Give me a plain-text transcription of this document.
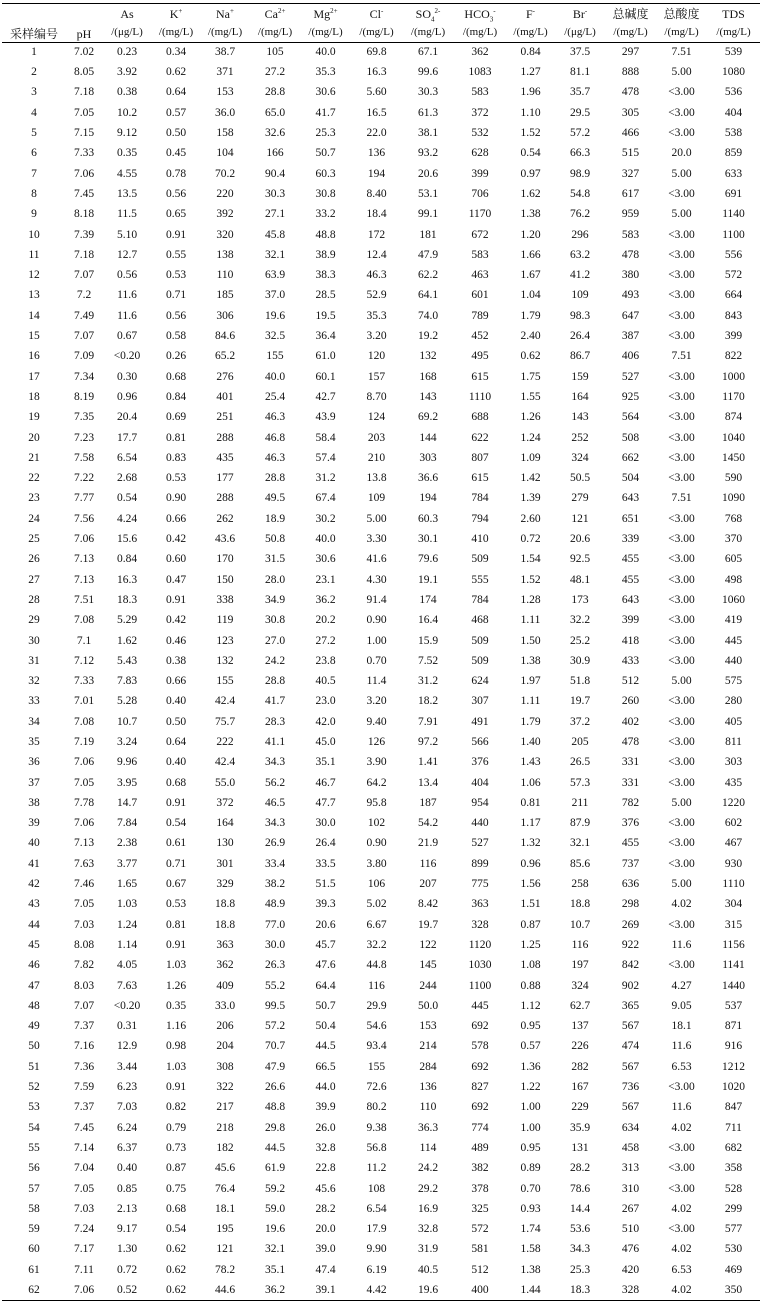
采样编号	pH	As	K+	Na+	$Ca^{2+}$	$Mg^{2+}$	Cl-	$SO_4^{2-}$	$HCO_3^-$	F-	Br-	总碱度	总酸度	TDS
		/(μg/L)	/(mg/L)	/(mg/L)	/(mg/L)	/(mg/L)	/(mg/L)	/(mg/L)	/(mg/L)	/(mg/L)	/(μg/L)	/(mg/L)	/(mg/L)	/(mg/L)
1	7.02	0.23	0.34	38.7	105	40.0	69.8	67.1	362	0.84	37.5	297	7.51	539
2	8.05	3.92	0.62	371	27.2	35.3	16.3	99.6	1083	1.27	81.1	888	5.00	1080
3	7.18	0.38	0.64	153	28.8	30.6	5.60	30.3	583	1.96	35.7	478	<3.00	536
4	7.05	10.2	0.57	36.0	65.0	41.7	16.5	61.3	372	1.10	29.5	305	<3.00	404
5	7.15	9.12	0.50	158	32.6	25.3	22.0	38.1	532	1.52	57.2	466	<3.00	538
6	7.33	0.35	0.45	104	166	50.7	136	93.2	628	0.54	66.3	515	20.0	859
7	7.06	4.55	0.78	70.2	90.4	60.3	194	20.6	399	0.97	98.9	327	5.00	633
8	7.45	13.5	0.56	220	30.3	30.8	8.40	53.1	706	1.62	54.8	617	<3.00	691
9	8.18	11.5	0.65	392	27.1	33.2	18.4	99.1	1170	1.38	76.2	959	5.00	1140
10	7.39	5.10	0.91	320	45.8	48.8	172	181	672	1.20	296	583	<3.00	1100
11	7.18	12.7	0.55	138	32.1	38.9	12.4	47.9	583	1.66	63.2	478	<3.00	556
12	7.07	0.56	0.53	110	63.9	38.3	46.3	62.2	463	1.67	41.2	380	<3.00	572
13	7.2	11.6	0.71	185	37.0	28.5	52.9	64.1	601	1.04	109	493	<3.00	664
14	7.49	11.6	0.56	306	19.6	19.5	35.3	74.0	789	1.79	98.3	647	<3.00	843
15	7.07	0.67	0.58	84.6	32.5	36.4	3.20	19.2	452	2.40	26.4	387	<3.00	399
16	7.09	<0.20	0.26	65.2	155	61.0	120	132	495	0.62	86.7	406	7.51	822
17	7.34	0.30	0.68	276	40.0	60.1	157	168	615	1.75	159	527	<3.00	1000
18	8.19	0.96	0.84	401	25.4	42.7	8.70	143	1110	1.55	164	925	<3.00	1170
19	7.35	20.4	0.69	251	46.3	43.9	124	69.2	688	1.26	143	564	<3.00	874
20	7.23	17.7	0.81	288	46.8	58.4	203	144	622	1.24	252	508	<3.00	1040
21	7.58	6.54	0.83	435	46.3	57.4	210	303	807	1.09	324	662	<3.00	1450
22	7.22	2.68	0.53	177	28.8	31.2	13.8	36.6	615	1.42	50.5	504	<3.00	590
23	7.77	0.54	0.90	288	49.5	67.4	109	194	784	1.39	279	643	7.51	1090
24	7.56	4.24	0.66	262	18.9	30.2	5.00	60.3	794	2.60	121	651	<3.00	768
25	7.06	15.6	0.42	43.6	50.8	40.0	3.30	30.1	410	0.72	20.6	339	<3.00	370
26	7.13	0.84	0.60	170	31.5	30.6	41.6	79.6	509	1.54	92.5	455	<3.00	605
27	7.13	16.3	0.47	150	28.0	23.1	4.30	19.1	555	1.52	48.1	455	<3.00	498
28	7.51	18.3	0.91	338	34.9	36.2	91.4	174	784	1.28	173	643	<3.00	1060
29	7.08	5.29	0.42	119	30.8	20.2	0.90	16.4	468	1.11	32.2	399	<3.00	419
30	7.1	1.62	0.46	123	27.0	27.2	1.00	15.9	509	1.50	25.2	418	<3.00	445
31	7.12	5.43	0.38	132	24.2	23.8	0.70	7.52	509	1.38	30.9	433	<3.00	440
32	7.33	7.83	0.66	155	28.8	40.5	11.4	31.2	624	1.97	51.8	512	5.00	575
33	7.01	5.28	0.40	42.4	41.7	23.0	3.20	18.2	307	1.11	19.7	260	<3.00	280
34	7.08	10.7	0.50	75.7	28.3	42.0	9.40	7.91	491	1.79	37.2	402	<3.00	405
35	7.19	3.24	0.64	222	41.1	45.0	126	97.2	566	1.40	205	478	<3.00	811
36	7.06	9.96	0.40	42.4	34.3	35.1	3.90	1.41	376	1.43	26.5	331	<3.00	303
37	7.05	3.95	0.68	55.0	56.2	46.7	64.2	13.4	404	1.06	57.3	331	<3.00	435
38	7.78	14.7	0.91	372	46.5	47.7	95.8	187	954	0.81	211	782	5.00	1220
39	7.06	7.84	0.54	164	34.3	30.0	102	54.2	440	1.17	87.9	376	<3.00	602
40	7.13	2.38	0.61	130	26.9	26.4	0.90	21.9	527	1.32	32.1	455	<3.00	467
41	7.63	3.77	0.71	301	33.4	33.5	3.80	116	899	0.96	85.6	737	<3.00	930
42	7.46	1.65	0.67	329	38.2	51.5	106	207	775	1.56	258	636	5.00	1110
43	7.05	1.03	0.53	18.8	48.9	39.3	5.02	8.42	363	1.51	18.8	298	4.02	304
44	7.03	1.24	0.81	18.8	77.0	20.6	6.67	19.7	328	0.87	10.7	269	<3.00	315
45	8.08	1.14	0.91	363	30.0	45.7	32.2	122	1120	1.25	116	922	11.6	1156
46	7.82	4.05	1.03	362	26.3	47.6	44.8	145	1030	1.08	197	842	<3.00	1141
47	8.03	7.63	1.26	409	55.2	64.4	116	244	1100	0.88	324	902	4.27	1440
48	7.07	<0.20	0.35	33.0	99.5	50.7	29.9	50.0	445	1.12	62.7	365	9.05	537
49	7.37	0.31	1.16	206	57.2	50.4	54.6	153	692	0.95	137	567	18.1	871
50	7.16	12.9	0.98	204	70.7	44.5	93.4	214	578	0.57	226	474	11.6	916
51	7.36	3.44	1.03	308	47.9	66.5	155	284	692	1.36	282	567	6.53	1212
52	7.59	6.23	0.91	322	26.6	44.0	72.6	136	827	1.22	167	736	<3.00	1020
53	7.37	7.03	0.82	217	48.8	39.9	80.2	110	692	1.00	229	567	11.6	847
54	7.45	6.24	0.79	218	29.8	26.0	9.38	36.3	774	1.00	35.9	634	4.02	711
55	7.14	6.37	0.73	182	44.5	32.8	56.8	114	489	0.95	131	458	<3.00	682
56	7.04	0.40	0.87	45.6	61.9	22.8	11.2	24.2	382	0.89	28.2	313	<3.00	358
57	7.05	0.85	0.75	76.4	59.2	45.6	108	29.2	378	0.70	78.6	310	<3.00	528
58	7.03	2.13	0.68	18.1	59.0	28.2	6.54	16.9	325	0.93	14.4	267	4.02	299
59	7.24	9.17	0.54	195	19.6	20.0	17.9	32.8	572	1.74	53.6	510	<3.00	577
60	7.17	1.30	0.62	121	32.1	39.0	9.90	31.9	581	1.58	34.3	476	4.02	530
61	7.11	0.72	0.62	78.2	35.1	47.4	6.19	40.5	512	1.38	25.3	420	6.53	469
62	7.06	0.52	0.62	44.6	36.2	39.1	4.42	19.6	400	1.44	18.3	328	4.02	350
